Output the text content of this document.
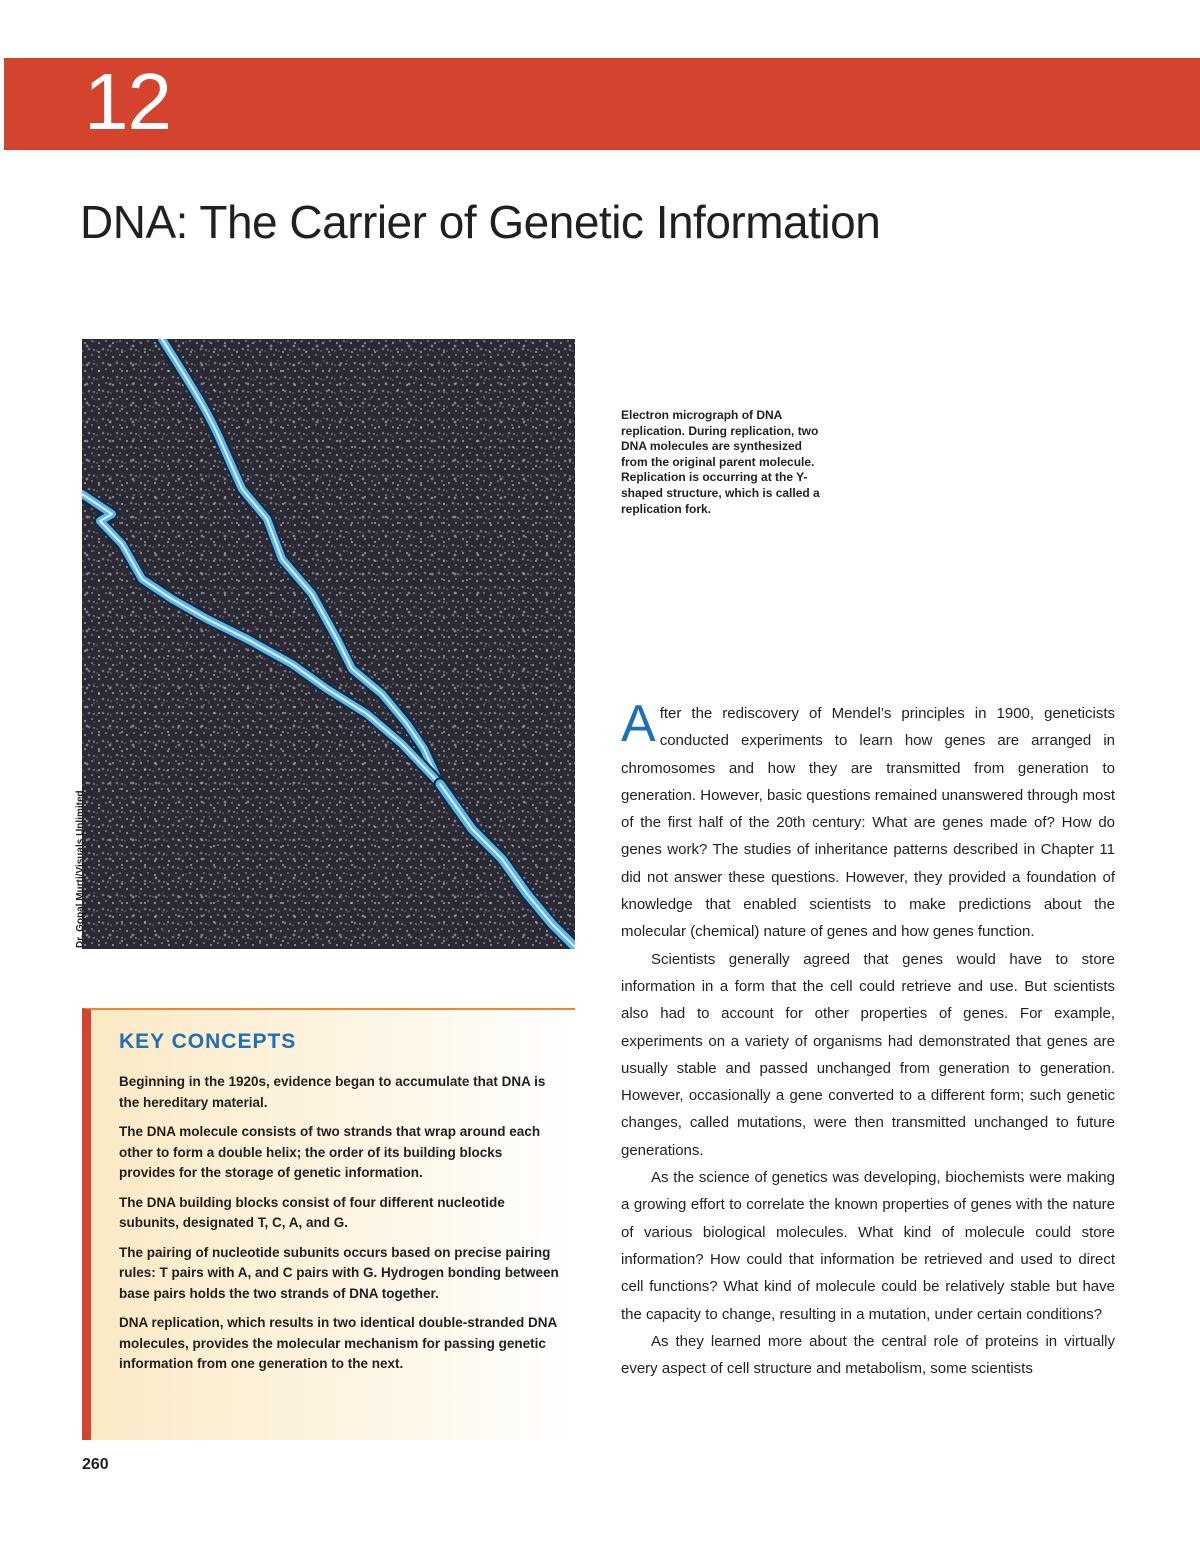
12
DNA: The Carrier of Genetic Information
Dr. Gopal Murti/Visuals Unlimited

Electron micrograph of DNA replication. During replication, two DNA molecules are synthesized from the original parent molecule. Replication is occurring at the Y-shaped structure, which is called a replication fork.

KEY CONCEPTS
Beginning in the 1920s, evidence began to accumulate that DNA is the hereditary material.
The DNA molecule consists of two strands that wrap around each other to form a double helix; the order of its building blocks provides for the storage of genetic information.
The DNA building blocks consist of four different nucleotide subunits, designated T, C, A, and G.
The pairing of nucleotide subunits occurs based on precise pairing rules: T pairs with A, and C pairs with G. Hydrogen bonding between base pairs holds the two strands of DNA together.
DNA replication, which results in two identical double-stranded DNA molecules, provides the molecular mechanism for passing genetic information from one generation to the next.

After the rediscovery of Mendel’s principles in 1900, geneticists conducted experiments to learn how genes are arranged in chromosomes and how they are transmitted from generation to generation. However, basic questions remained unanswered through most of the first half of the 20th century: What are genes made of? How do genes work? The studies of inheritance patterns described in Chapter 11 did not answer these questions. However, they provided a foundation of knowledge that enabled scientists to make predictions about the molecular (chemical) nature of genes and how genes function.

Scientists generally agreed that genes would have to store information in a form that the cell could retrieve and use. But scientists also had to account for other properties of genes. For example, experiments on a variety of organisms had demonstrated that genes are usually stable and passed unchanged from generation to generation. However, occasionally a gene converted to a different form; such genetic changes, called mutations, were then transmitted unchanged to future generations.

As the science of genetics was developing, biochemists were making a growing effort to correlate the known properties of genes with the nature of various biological molecules. What kind of molecule could store information? How could that information be retrieved and used to direct cell functions? What kind of molecule could be relatively stable but have the capacity to change, resulting in a mutation, under certain conditions?

As they learned more about the central role of proteins in virtually every aspect of cell structure and metabolism, some scientists

260
